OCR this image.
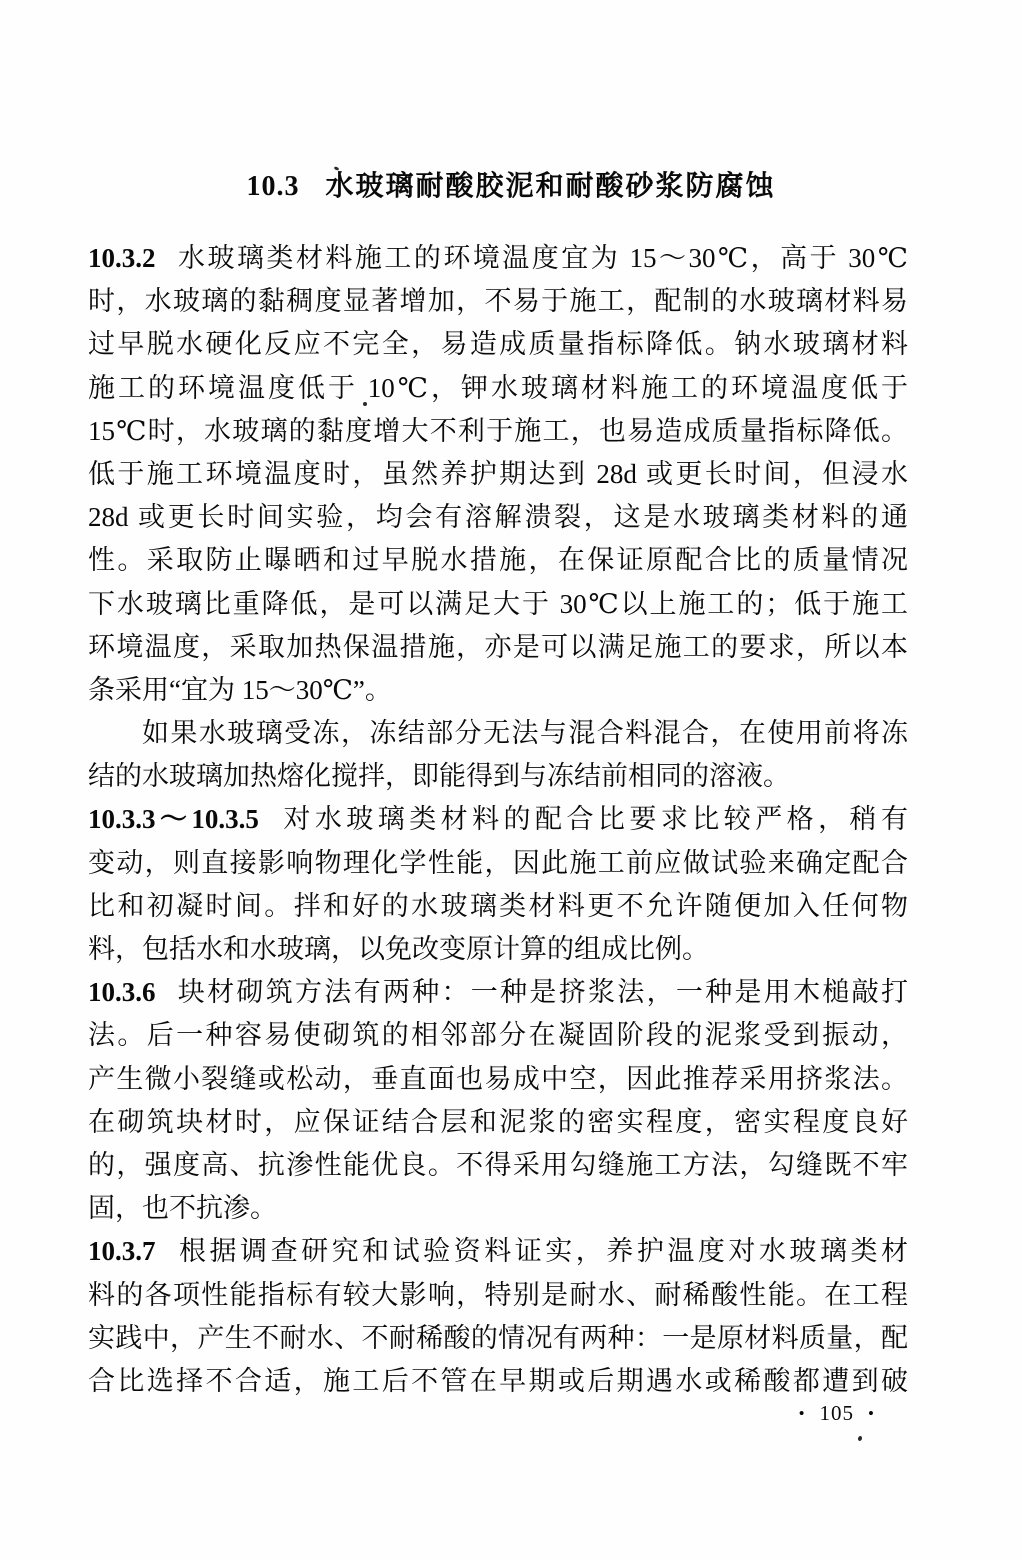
10.3 水玻璃耐酸胶泥和耐酸砂浆防腐蚀
10.3.2 水玻璃类材料施工的环境温度宜为 15～30℃，高于 30℃
时，水玻璃的黏稠度显著增加，不易于施工，配制的水玻璃材料易
过早脱水硬化反应不完全，易造成质量指标降低。钠水玻璃材料
施工的环境温度低于 10℃，钾水玻璃材料施工的环境温度低于
15℃时，水玻璃的黏度增大不利于施工，也易造成质量指标降低。
低于施工环境温度时，虽然养护期达到 28d 或更长时间，但浸水
28d 或更长时间实验，均会有溶解溃裂，这是水玻璃类材料的通
性。采取防止曝晒和过早脱水措施，在保证原配合比的质量情况
下水玻璃比重降低，是可以满足大于 30℃以上施工的；低于施工
环境温度，采取加热保温措施，亦是可以满足施工的要求，所以本
条采用“宜为 15～30℃”。
如果水玻璃受冻，冻结部分无法与混合料混合，在使用前将冻
结的水玻璃加热熔化搅拌，即能得到与冻结前相同的溶液。
10.3.3～10.3.5 对水玻璃类材料的配合比要求比较严格，稍有
变动，则直接影响物理化学性能，因此施工前应做试验来确定配合
比和初凝时间。拌和好的水玻璃类材料更不允许随便加入任何物
料，包括水和水玻璃，以免改变原计算的组成比例。
10.3.6 块材砌筑方法有两种：一种是挤浆法，一种是用木槌敲打
法。后一种容易使砌筑的相邻部分在凝固阶段的泥浆受到振动，
产生微小裂缝或松动，垂直面也易成中空，因此推荐采用挤浆法。
在砌筑块材时，应保证结合层和泥浆的密实程度，密实程度良好
的，强度高、抗渗性能优良。不得采用勾缝施工方法，勾缝既不牢
固，也不抗渗。
10.3.7 根据调查研究和试验资料证实，养护温度对水玻璃类材
料的各项性能指标有较大影响，特别是耐水、耐稀酸性能。在工程
实践中，产生不耐水、不耐稀酸的情况有两种：一是原材料质量，配
合比选择不合适，施工后不管在早期或后期遇水或稀酸都遭到破
• 105 •
